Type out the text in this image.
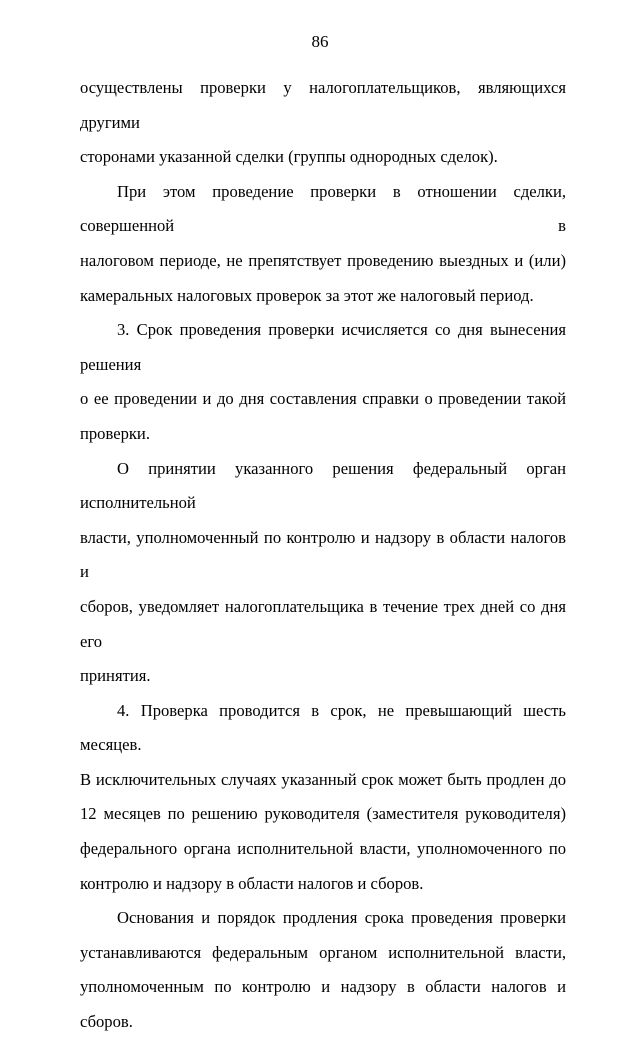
86
осуществлены проверки у налогоплательщиков, являющихся другими
сторонами указанной сделки (группы однородных сделок).
При этом проведение проверки в отношении сделки, совершенной в
налоговом периоде, не препятствует проведению выездных и (или)
камеральных налоговых проверок за этот же налоговый период.
3. Срок проведения проверки исчисляется со дня вынесения решения
о ее проведении и до дня составления справки о проведении такой
проверки.
О принятии указанного решения федеральный орган исполнительной
власти, уполномоченный по контролю и надзору в области налогов и
сборов, уведомляет налогоплательщика в течение трех дней со дня его
принятия.
4. Проверка проводится в срок, не превышающий шесть месяцев.
В исключительных случаях указанный срок может быть продлен до
12 месяцев по решению руководителя (заместителя руководителя)
федерального органа исполнительной власти, уполномоченного по
контролю и надзору в области налогов и сборов.
Основания и порядок продления срока проведения проверки
устанавливаются федеральным органом исполнительной власти,
уполномоченным по контролю и надзору в области налогов и сборов.
